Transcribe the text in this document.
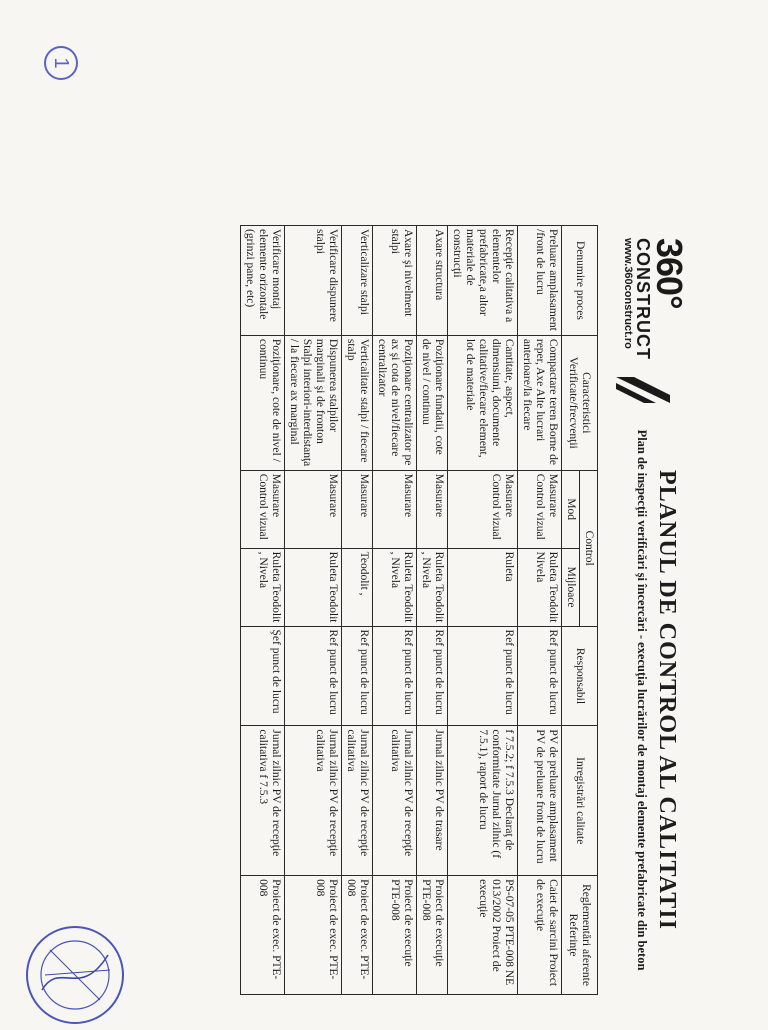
1
360°
CONSTRUCT
www.360construct.ro
PLANUL DE CONTROL AL CALITATII
Plan de inspecţii verificări şi încercări - execuţia lucrărilor de montaj elemente prefabricate din beton
Denumire proces	Caracteristici Verificate/frecvenţii	Control		Responsabil	Inregistrări calitate	Reglementări aferente Referinţe
		Mod	Mijloace			
Preluare amplasament /front de lucru	Compactare teren Borne de reper, Axe Alte lucrari anterioare/la fiecare	Masurare Control vizual	Ruleta Teodolit Nivela	Ref punct de lucru	PV de preluare amplasament PV de preluare front de lucru	Caiet de sarcini Proiect de execuţie
Recepţie calitativa a elementelor prefabricate,a altor materiale de construcţii	Cantitate, aspect, dimensiuni, documente calitative/fiecare element, lot de materiale	Masurare Control vizual	Ruleta	Ref punct de lucru	f 7.5.2; f 7.5.3 Declaraţ de conformitate Jurnal zilnic (f 7.5.1), raport de lucru	PS-07-05 PTE-008 NE 013/2002 Proiect de execuţie
Axare structura	Poziţionare fundatii, cote de nivel / continuu	Masurare	Ruleta Teodolit , Nivela	Ref punct de lucru	Jurnal zilnic PV de trasare	Proiect de execuţie PTE-008
Axare şi nivelment stalpi	Poziţionare centralizator pe ax şi cota de nivel/fiecare centralizator	Masurare	Ruleta Teodolit , Nivela	Ref punct de lucru	Jurnal zilnic PV de recepţie calitativa	Proiect de execuţie PTE-008
Verticalizare stalpi	Verticalitate stalpi / fiecare stalp	Masurare	Teodolit ,	Ref punct de lucru	Jurnal zilnic PV de recepţie calitativa	Proiect de exec. PTE-008
Verificare dispunere stalpi	Dispunerea stalpilor marginali şi de fronton Stalpi interiori-interdistanţa / la fiecare ax marginal	Masurare	Ruleta Teodolit	Ref punct de lucru	Jurnal zilnic PV de recepţie calitativa	Proiect de exec. PTE-008
Verificare montaj elemente orizontale (grinzi pane, etc)	Poziţionare, cote de nivel / continuu	Masurare Control vizual	Ruleta Teodolit , Nivela	Şef punct de lucru	Jurnal zilnic PV de recepţie calitativa f 7.5.3	Proiect de exec. PTE-008
